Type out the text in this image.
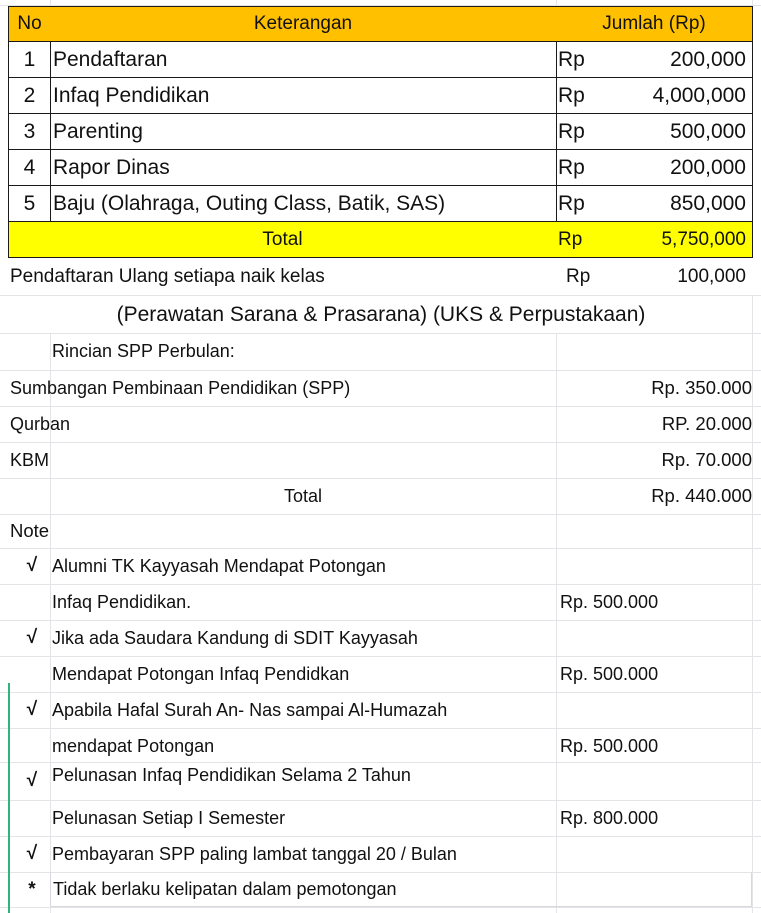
No	Keterangan	Jumlah (Rp)
1 Pendaftaran	Rp	200,000
2 Infaq Pendidikan	Rp	4,000,000
3 Parenting	Rp	500,000
4 Rapor Dinas	Rp	200,000
5 Baju (Olahraga, Outing Class, Batik, SAS)	Rp	850,000
Total	Rp	5,750,000
Pendaftaran Ulang setiapa naik kelas	Rp	100,000
(Perawatan Sarana & Prasarana) (UKS & Perpustakaan)
Rincian SPP Perbulan:
Sumbangan Pembinaan Pendidikan (SPP)	Rp. 350.000
Qurban	RP. 20.000
KBM	Rp. 70.000
Total	Rp. 440.000
Note
√ Alumni TK Kayyasah Mendapat Potongan
Infaq Pendidikan.	Rp. 500.000
√ Jika ada Saudara Kandung di SDIT Kayyasah
Mendapat Potongan Infaq Pendidkan	Rp. 500.000
√ Apabila Hafal Surah An- Nas sampai Al-Humazah
mendapat Potongan	Rp. 500.000
√ Pelunasan Infaq Pendidikan Selama 2 Tahun
Pelunasan Setiap I Semester	Rp. 800.000
√ Pembayaran SPP paling lambat tanggal 20 / Bulan
* Tidak berlaku kelipatan dalam pemotongan
